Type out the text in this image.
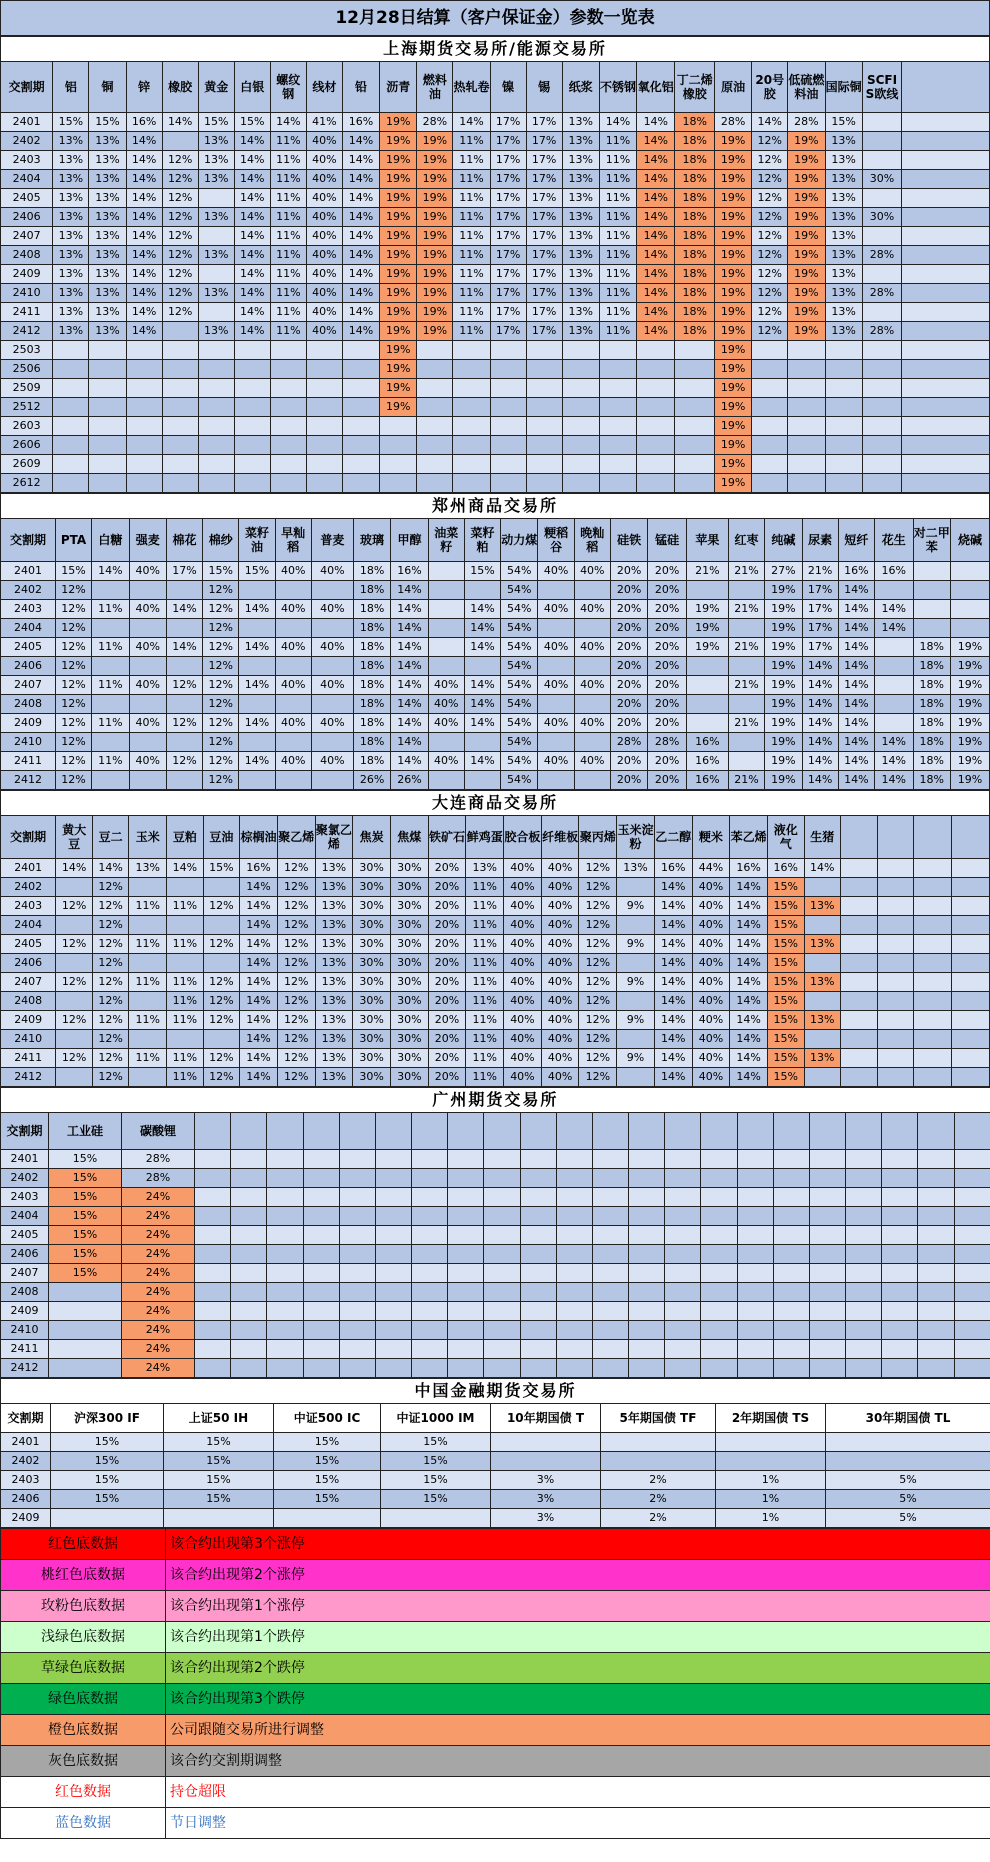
12月28日结算（客户保证金）参数一览表
上海期货交易所/能源交易所																								
交割期	铝	铜	锌	橡胶	黄金	白银	螺纹钢	线材	铅	沥青	燃料油	热轧卷	镍	锡	纸浆	不锈钢	氧化铝	丁二烯橡胶	原油	20号胶	低硫燃料油	国际铜	SCFIS欧线	
2401	15%	15%	16%	14%	15%	15%	14%	41%	16%	19%	28%	14%	17%	17%	13%	14%	14%	18%	28%	14%	28%	15%		
2402	13%	13%	14%		13%	14%	11%	40%	14%	19%	19%	11%	17%	17%	13%	11%	14%	18%	19%	12%	19%	13%		
2403	13%	13%	14%	12%	13%	14%	11%	40%	14%	19%	19%	11%	17%	17%	13%	11%	14%	18%	19%	12%	19%	13%		
2404	13%	13%	14%	12%	13%	14%	11%	40%	14%	19%	19%	11%	17%	17%	13%	11%	14%	18%	19%	12%	19%	13%	30%	
2405	13%	13%	14%	12%		14%	11%	40%	14%	19%	19%	11%	17%	17%	13%	11%	14%	18%	19%	12%	19%	13%		
2406	13%	13%	14%	12%	13%	14%	11%	40%	14%	19%	19%	11%	17%	17%	13%	11%	14%	18%	19%	12%	19%	13%	30%	
2407	13%	13%	14%	12%		14%	11%	40%	14%	19%	19%	11%	17%	17%	13%	11%	14%	18%	19%	12%	19%	13%		
2408	13%	13%	14%	12%	13%	14%	11%	40%	14%	19%	19%	11%	17%	17%	13%	11%	14%	18%	19%	12%	19%	13%	28%	
2409	13%	13%	14%	12%		14%	11%	40%	14%	19%	19%	11%	17%	17%	13%	11%	14%	18%	19%	12%	19%	13%		
2410	13%	13%	14%	12%	13%	14%	11%	40%	14%	19%	19%	11%	17%	17%	13%	11%	14%	18%	19%	12%	19%	13%	28%	
2411	13%	13%	14%	12%		14%	11%	40%	14%	19%	19%	11%	17%	17%	13%	11%	14%	18%	19%	12%	19%	13%		
2412	13%	13%	14%		13%	14%	11%	40%	14%	19%	19%	11%	17%	17%	13%	11%	14%	18%	19%	12%	19%	13%	28%	
2503										19%									19%					
2506										19%									19%					
2509										19%									19%					
2512										19%									19%					
2603																			19%					
2606																			19%					
2609																			19%					
2612																			19%					
郑州商品交易所																									
交割期	PTA	白糖	强麦	棉花	棉纱	菜籽油	早籼稻	普麦	玻璃	甲醇	油菜籽	菜籽粕	动力煤	粳稻谷	晚籼稻	硅铁	锰硅	苹果	红枣	纯碱	尿素	短纤	花生	对二甲苯	烧碱
2401	15%	14%	40%	17%	15%	15%	40%	40%	18%	16%		15%	54%	40%	40%	20%	20%	21%	21%	27%	21%	16%	16%		
2402	12%				12%				18%	14%			54%			20%	20%			19%	17%	14%			
2403	12%	11%	40%	14%	12%	14%	40%	40%	18%	14%		14%	54%	40%	40%	20%	20%	19%	21%	19%	17%	14%	14%		
2404	12%				12%				18%	14%		14%	54%			20%	20%	19%		19%	17%	14%	14%		
2405	12%	11%	40%	14%	12%	14%	40%	40%	18%	14%		14%	54%	40%	40%	20%	20%	19%	21%	19%	17%	14%		18%	19%
2406	12%				12%				18%	14%			54%			20%	20%			19%	14%	14%		18%	19%
2407	12%	11%	40%	12%	12%	14%	40%	40%	18%	14%	40%	14%	54%	40%	40%	20%	20%		21%	19%	14%	14%		18%	19%
2408	12%				12%				18%	14%	40%	14%	54%			20%	20%			19%	14%	14%		18%	19%
2409	12%	11%	40%	12%	12%	14%	40%	40%	18%	14%	40%	14%	54%	40%	40%	20%	20%		21%	19%	14%	14%		18%	19%
2410	12%				12%				18%	14%			54%			28%	28%	16%		19%	14%	14%	14%	18%	19%
2411	12%	11%	40%	12%	12%	14%	40%	40%	18%	14%	40%	14%	54%	40%	40%	20%	20%	16%		19%	14%	14%	14%	18%	19%
2412	12%				12%				26%	26%			54%			20%	20%	16%	21%	19%	14%	14%	14%	18%	19%
大连商品交易所																									
交割期	黄大豆	豆二	玉米	豆粕	豆油	棕榈油	聚乙烯	聚氯乙烯	焦炭	焦煤	铁矿石	鲜鸡蛋	胶合板	纤维板	聚丙烯	玉米淀粉	乙二醇	粳米	苯乙烯	液化气	生猪				
2401	14%	14%	13%	14%	15%	16%	12%	13%	30%	30%	20%	13%	40%	40%	12%	13%	16%	44%	16%	16%	14%				
2402		12%				14%	12%	13%	30%	30%	20%	11%	40%	40%	12%		14%	40%	14%	15%					
2403	12%	12%	11%	11%	12%	14%	12%	13%	30%	30%	20%	11%	40%	40%	12%	9%	14%	40%	14%	15%	13%				
2404		12%				14%	12%	13%	30%	30%	20%	11%	40%	40%	12%		14%	40%	14%	15%					
2405	12%	12%	11%	11%	12%	14%	12%	13%	30%	30%	20%	11%	40%	40%	12%	9%	14%	40%	14%	15%	13%				
2406		12%				14%	12%	13%	30%	30%	20%	11%	40%	40%	12%		14%	40%	14%	15%					
2407	12%	12%	11%	11%	12%	14%	12%	13%	30%	30%	20%	11%	40%	40%	12%	9%	14%	40%	14%	15%	13%				
2408		12%		11%	12%	14%	12%	13%	30%	30%	20%	11%	40%	40%	12%		14%	40%	14%	15%					
2409	12%	12%	11%	11%	12%	14%	12%	13%	30%	30%	20%	11%	40%	40%	12%	9%	14%	40%	14%	15%	13%				
2410		12%				14%	12%	13%	30%	30%	20%	11%	40%	40%	12%		14%	40%	14%	15%					
2411	12%	12%	11%	11%	12%	14%	12%	13%	30%	30%	20%	11%	40%	40%	12%	9%	14%	40%	14%	15%	13%				
2412		12%		11%	12%	14%	12%	13%	30%	30%	20%	11%	40%	40%	12%		14%	40%	14%	15%					
广州期货交易所																								
交割期	工业硅	碳酸锂																						
2401	15%	28%																						
2402	15%	28%																						
2403	15%	24%																						
2404	15%	24%																						
2405	15%	24%																						
2406	15%	24%																						
2407	15%	24%																						
2408		24%																						
2409		24%																						
2410		24%																						
2411		24%																						
2412		24%																						
中国金融期货交易所								
交割期	沪深300 IF	上证50 IH	中证500 IC	中证1000 IM	10年期国债 T	5年期国债 TF	2年期国债 TS	30年期国债 TL
2401	15%	15%	15%	15%				
2402	15%	15%	15%	15%				
2403	15%	15%	15%	15%	3%	2%	1%	5%
2406	15%	15%	15%	15%	3%	2%	1%	5%
2409					3%	2%	1%	5%
红色底数据	该合约出现第3个涨停
桃红色底数据	该合约出现第2个涨停
玫粉色底数据	该合约出现第1个涨停
浅绿色底数据	该合约出现第1个跌停
草绿色底数据	该合约出现第2个跌停
绿色底数据	该合约出现第3个跌停
橙色底数据	公司跟随交易所进行调整
灰色底数据	该合约交割期调整
红色数据	持仓超限
蓝色数据	节日调整
